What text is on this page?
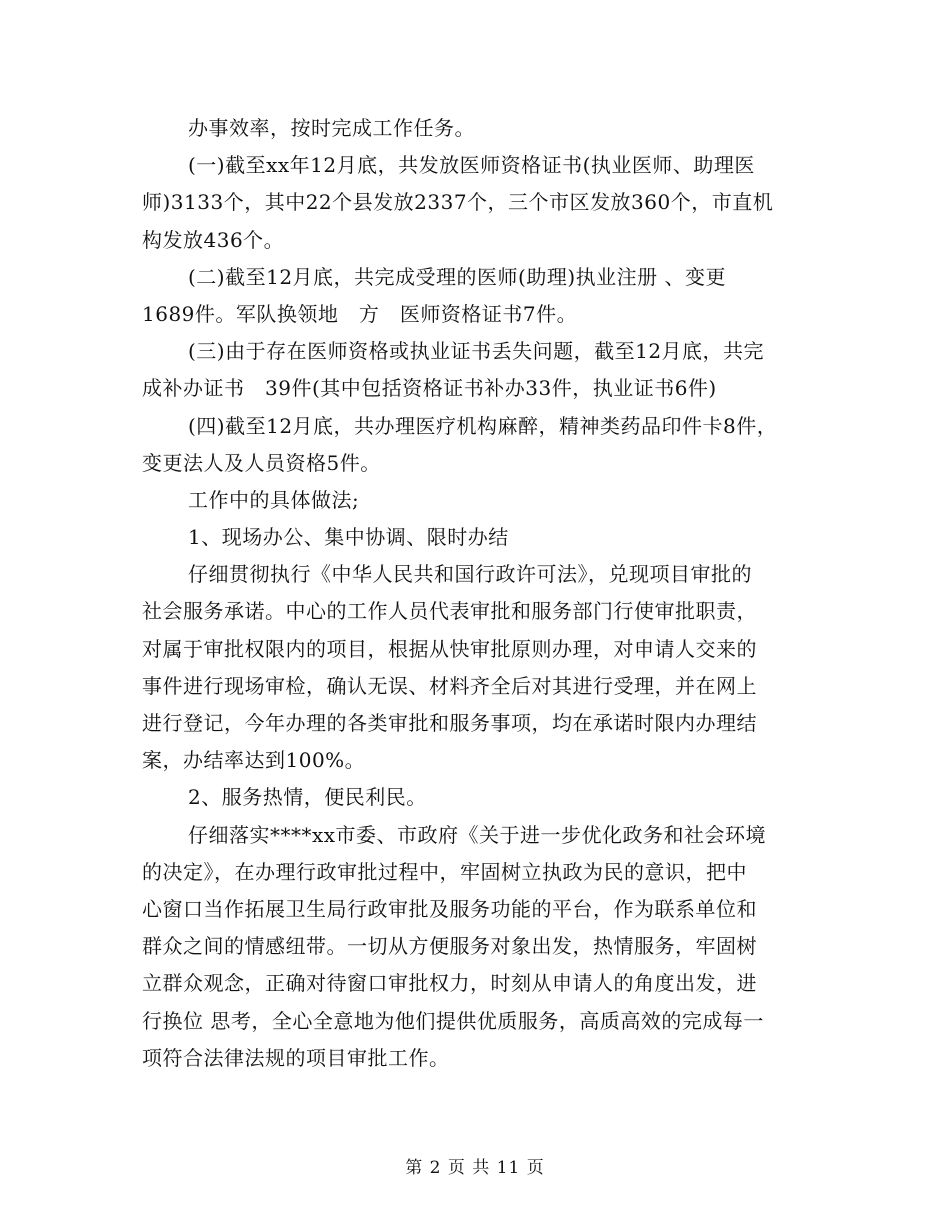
办事效率，按时完成工作任务。
(一)截至xx年12月底，共发放医师资格证书(执业医师、助理医
师)3133个，其中22个县发放2337个，三个市区发放360个，市直机
构发放436个。
(二)截至12月底，共完成受理的医师(助理)执业注册 、变更
1689件。军队换领地　方　医师资格证书7件。
(三)由于存在医师资格或执业证书丢失问题，截至12月底，共完
成补办证书　39件(其中包括资格证书补办33件，执业证书6件)
(四)截至12月底，共办理医疗机构麻醉，精神类药品印件卡8件，
变更法人及人员资格5件。
工作中的具体做法;
1、现场办公、集中协调、限时办结
仔细贯彻执行《中华人民共和国行政许可法》，兑现项目审批的
社会服务承诺。中心的工作人员代表审批和服务部门行使审批职责，
对属于审批权限内的项目，根据从快审批原则办理，对申请人交来的
事件进行现场审检，确认无误、材料齐全后对其进行受理，并在网上
进行登记，今年办理的各类审批和服务事项，均在承诺时限内办理结
案，办结率达到100%。
2、服务热情，便民利民。
仔细落实****xx市委、市政府《关于进一步优化政务和社会环境
的决定》，在办理行政审批过程中，牢固树立执政为民的意识，把中
心窗口当作拓展卫生局行政审批及服务功能的平台，作为联系单位和
群众之间的情感纽带。一切从方便服务对象出发，热情服务，牢固树
立群众观念，正确对待窗口审批权力，时刻从申请人的角度出发，进
行换位 思考，全心全意地为他们提供优质服务，高质高效的完成每一
项符合法律法规的项目审批工作。
第 2 页 共 11 页
